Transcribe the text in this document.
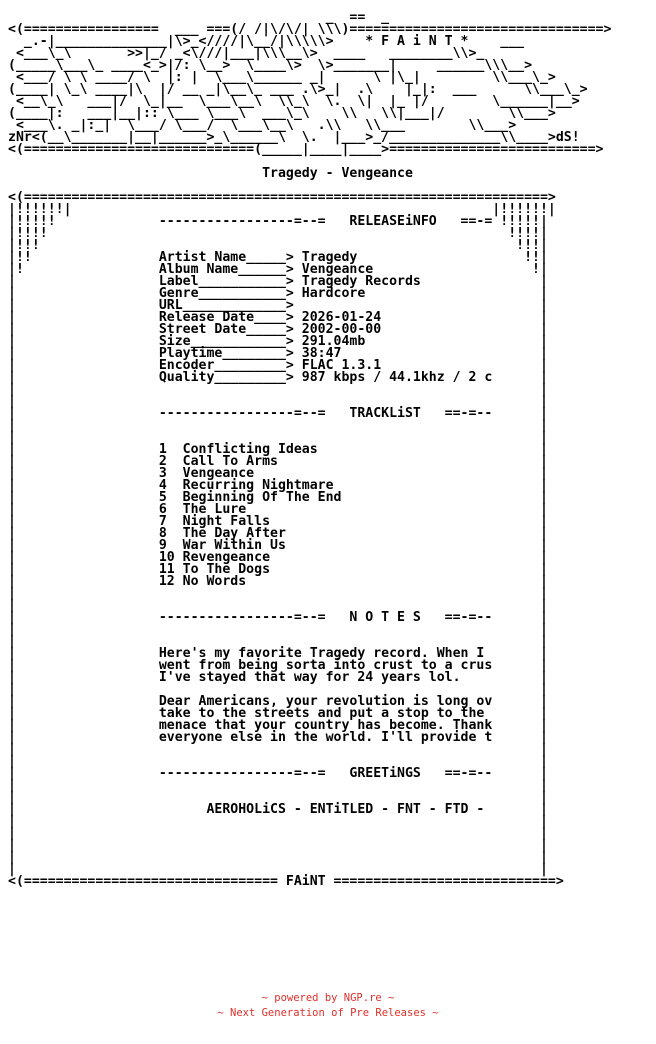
_  ==  _
<(=================  ___ ===(/ /|\/\/| \\\)================================>
_.-|______________|\>_<////|\__/|\\\\\>    * F A i N T *    ___
<___\_\       >>|_/ _<\///|___|\\\__\>  ____   ________\\>_
(_____\___\_ ____<_>|/: \__>  \____\>  \>_______|     ______\\\__>
<___/ \ \ ____/ \  |: |  \___\______ _|      \ |\_|         \\___\_>
(____| \_\ ____|\  |/ __ _|\__\_ ___ .\>_|  .\    |_|:  ___      \\___\_>
<__\_\   ___|/  \_|__  \___\__\  \\_\  \.  \|  |_ |/        \______|__>
(____|:   ___|__|:: \___ \___\  ___\_\    \\   \\|___|/        \\___>
<___\. _|:_|  \___/ \___/  \___\__\   .\\   \\___        \\___>
zNr<(__\_______|__|______>_\______\  \.  |___>_/______________\\____>dS!
<(=============================(_____|____|____>==========================>
Tragedy - Vengeance
<(==================================================================>
|!!!!!!|                                                     |!!!!!!|
|!!!!!             -----------------=--=   RELEASEiNFO   ==-= !!!!!|
|!!!!                                                          !!!!|
|!!!                                                            !!!|
|!!                Artist Name_____> Tragedy                     !!|
|!                 Album Name______> Vengeance                    !|
|                  Label___________> Tragedy Records               |
|                  Genre___________> Hardcore                      |
|                  URL_____________>                               |
|                  Release Date____> 2026-01-24                    |
|                  Street Date_____> 2002-00-00                    |
|                  Size____________> 291.04mb                      |
|                  Playtime________> 38:47                         |
|                  Encoder_________> FLAC 1.3.1                    |
|                  Quality_________> 987 kbps / 44.1khz / 2 c      |
|                                                                  |
|                                                                  |
|                  -----------------=--=   TRACKLiST   ==-=--      |
|                                                                  |
|                                                                  |
|                  1  Conflicting Ideas                            |
|                  2  Call To Arms                                 |
|                  3  Vengeance                                    |
|                  4  Recurring Nightmare                          |
|                  5  Beginning Of The End                         |
|                  6  The Lure                                     |
|                  7  Night Falls                                  |
|                  8  The Day After                                |
|                  9  War Within Us                                |
|                  10 Revengeance                                  |
|                  11 To The Dogs                                  |
|                  12 No Words                                     |
|                                                                  |
|                                                                  |
|                  -----------------=--=   N O T E S   ==-=--      |
|                                                                  |
|                                                                  |
|                  Here's my favorite Tragedy record. When I       |
|                  went from being sorta into crust to a crus      |
|                  I've stayed that way for 24 years lol.          |
|                                                                  |
|                  Dear Americans, your revolution is long ov      |
|                  take to the streets and put a stop to the       |
|                  menace that your country has become. Thank      |
|                  everyone else in the world. I'll provide t      |
|                                                                  |
|                                                                  |
|                  -----------------=--=   GREETiNGS   ==-=--      |
|                                                                  |
|                                                                  |
|                        AEROHOLiCS - ENTiTLED - FNT - FTD -       |
|                                                                  |
|                                                                  |
|                                                                  |
|                                                                  |
|                                                                  |
<(================================ FAiNT ============================>
~ powered by NGP.re ~
~ Next Generation of Pre Releases ~
